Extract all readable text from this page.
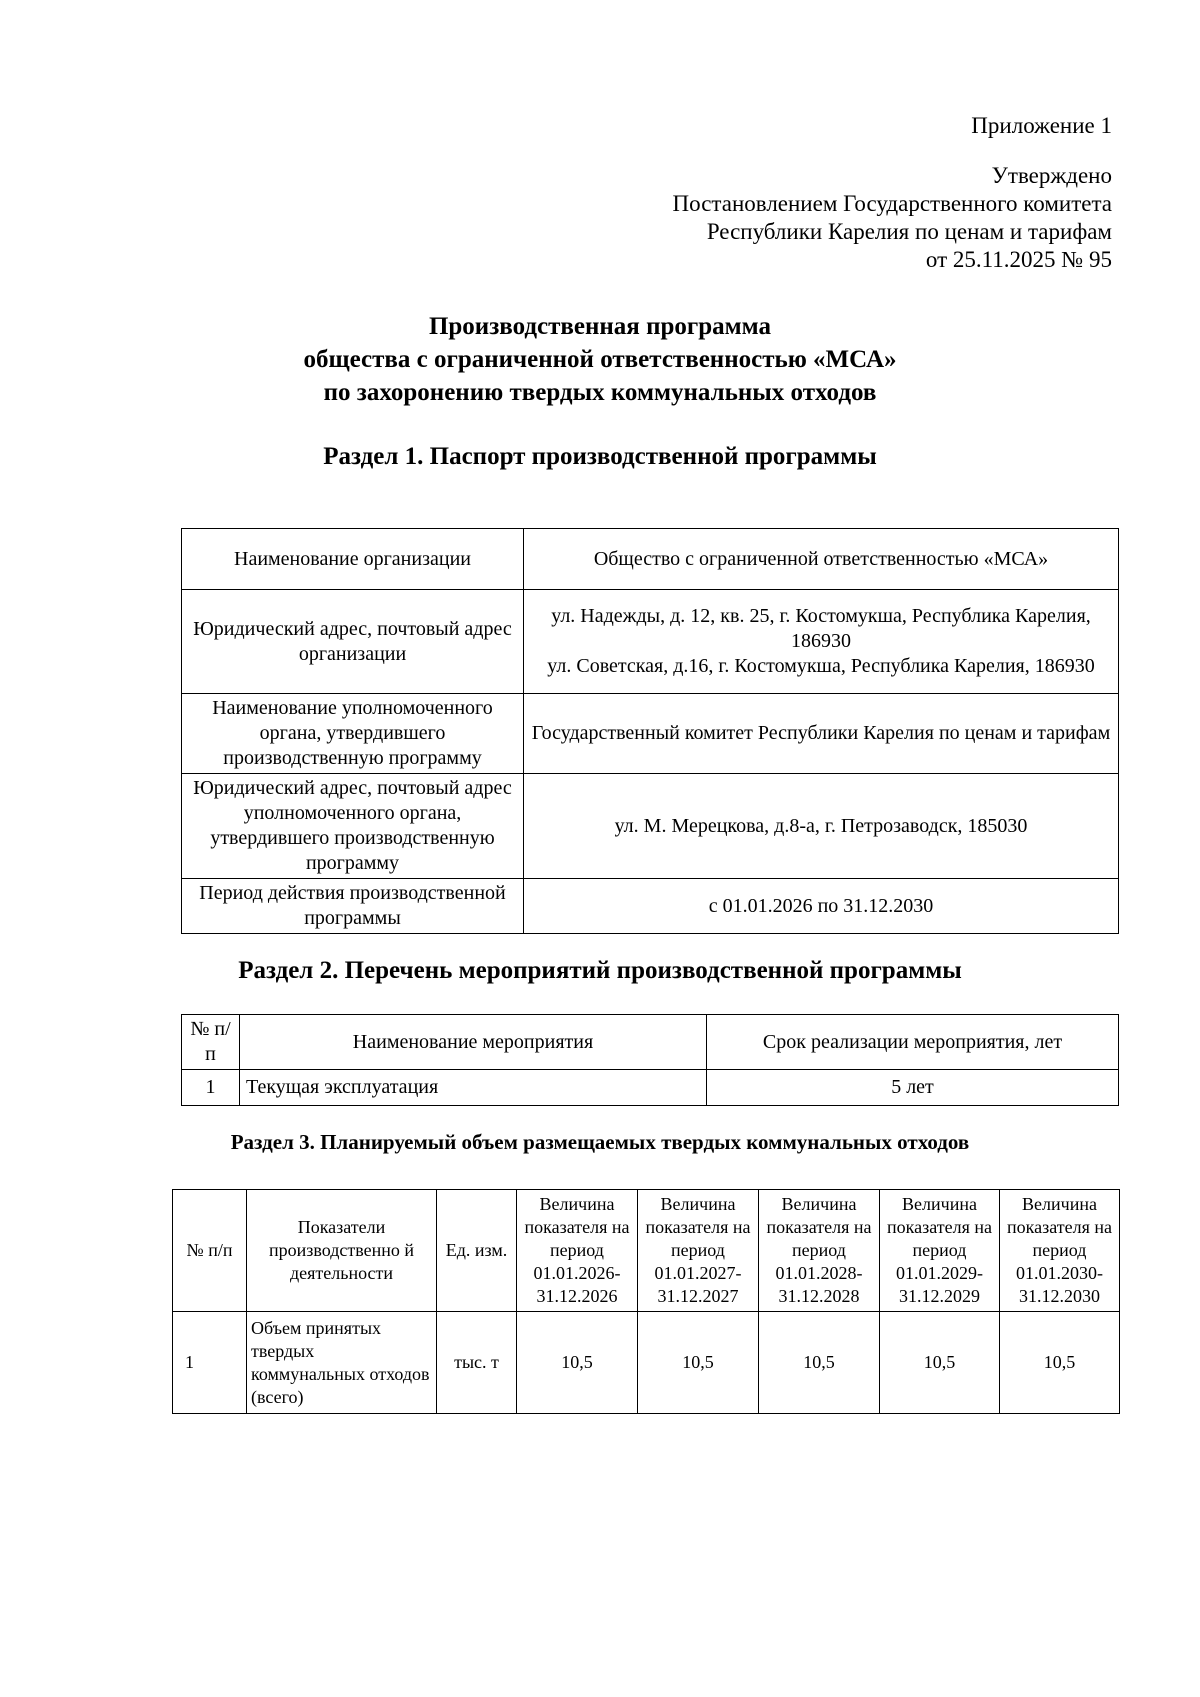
Приложение 1
Утверждено
Постановлением Государственного комитета
Республики Карелия по ценам и тарифам
от 25.11.2025 № 95
Производственная программа
общества с ограниченной ответственностью «МСА»
по захоронению твердых коммунальных отходов
Раздел 1. Паспорт производственной программы
Наименование организации	Общество с ограниченной ответственностью «МСА»
Юридический адрес, почтовый адрес организации	ул. Надежды, д. 12, кв. 25, г. Костомукша, Республика Карелия, 186930
ул. Советская, д.16, г. Костомукша, Республика Карелия, 186930

Наименование уполномоченного органа, утвердившего производственную программу	Государственный комитет Республики Карелия по ценам и тарифам
Юридический адрес, почтовый адрес уполномоченного органа, утвердившего производственную программу	ул. М. Мерецкова, д.8-а, г. Петрозаводск, 185030
Период действия производственной программы	с 01.01.2026 по 31.12.2030
Раздел 2. Перечень мероприятий производственной программы
№ п/п	Наименование мероприятия	Срок реализации мероприятия, лет
1	Текущая эксплуатация	5 лет
Раздел 3. Планируемый объем размещаемых твердых коммунальных отходов
№ п/п	Показатели производственно й деятельности	Ед. изм.	Величина показателя на период 01.01.2026-31.12.2026	Величина показателя на период 01.01.2027-31.12.2027	Величина показателя на период 01.01.2028-31.12.2028	Величина показателя на период 01.01.2029-31.12.2029	Величина показателя на период 01.01.2030-31.12.2030
1	Объем принятых твердых коммунальных отходов (всего)	тыс. т	10,5	10,5	10,5	10,5	10,5
